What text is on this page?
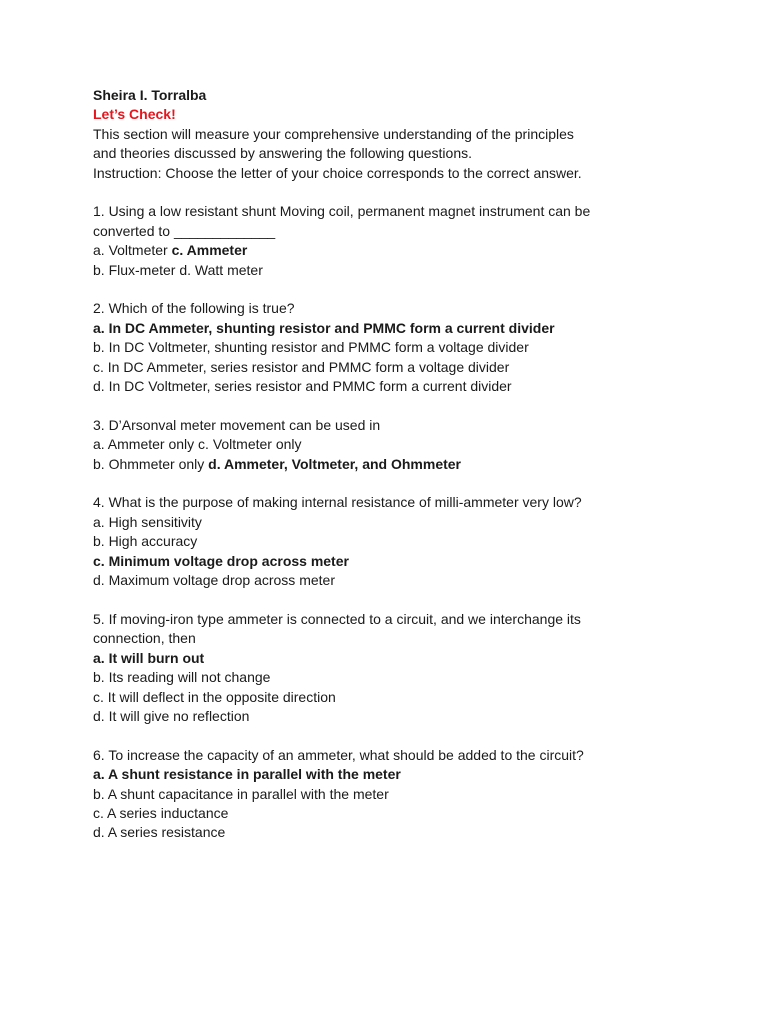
Sheira I. Torralba
Let’s Check!
This section will measure your comprehensive understanding of the principles
and theories discussed by answering the following questions.
Instruction: Choose the letter of your choice corresponds to the correct answer.
1. Using a low resistant shunt Moving coil, permanent magnet instrument can be
converted to _____________
a. Voltmeter c. Ammeter
b. Flux-meter d. Watt meter
2. Which of the following is true?
a. In DC Ammeter, shunting resistor and PMMC form a current divider
b. In DC Voltmeter, shunting resistor and PMMC form a voltage divider
c. In DC Ammeter, series resistor and PMMC form a voltage divider
d. In DC Voltmeter, series resistor and PMMC form a current divider
3. D’Arsonval meter movement can be used in
a. Ammeter only c. Voltmeter only
b. Ohmmeter only d. Ammeter, Voltmeter, and Ohmmeter
4. What is the purpose of making internal resistance of milli-ammeter very low?
a. High sensitivity
b. High accuracy
c. Minimum voltage drop across meter
d. Maximum voltage drop across meter
5. If moving-iron type ammeter is connected to a circuit, and we interchange its
connection, then
a. It will burn out
b. Its reading will not change
c. It will deflect in the opposite direction
d. It will give no reflection
6. To increase the capacity of an ammeter, what should be added to the circuit?
a. A shunt resistance in parallel with the meter
b. A shunt capacitance in parallel with the meter
c. A series inductance
d. A series resistance
